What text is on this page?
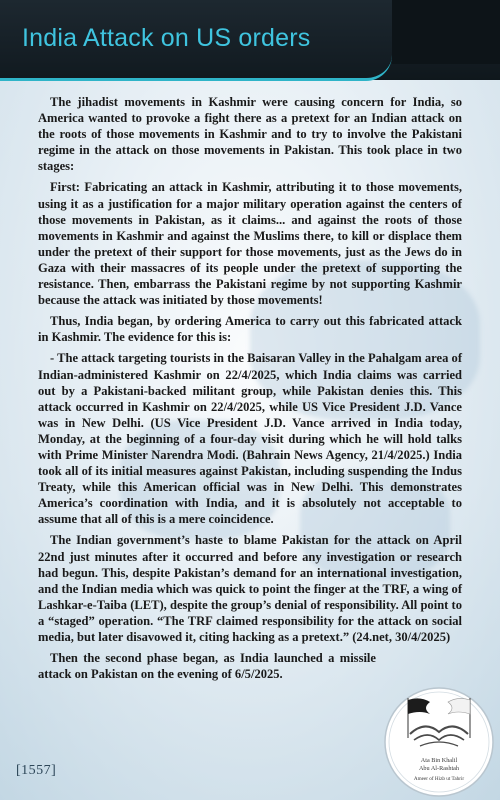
India Attack on US orders

The jihadist movements in Kashmir were causing concern for India, so America wanted to provoke a fight there as a pretext for an Indian attack on the roots of those movements in Kashmir and to try to involve the Pakistani regime in the attack on those movements in Pakistan. This took place in two stages:

First: Fabricating an attack in Kashmir, attributing it to those movements, using it as a justification for a major military operation against the centers of those movements in Pakistan, as it claims... and against the roots of those movements in Kashmir and against the Muslims there, to kill or displace them under the pretext of their support for those movements, just as the Jews do in Gaza with their massacres of its people under the pretext of supporting the resistance. Then, embarrass the Pakistani regime by not supporting Kashmir because the attack was initiated by those movements!

Thus, India began, by ordering America to carry out this fabricated attack in Kashmir. The evidence for this is:

- The attack targeting tourists in the Baisaran Valley in the Pahalgam area of Indian-administered Kashmir on 22/4/2025, which India claims was carried out by a Pakistani-backed militant group, while Pakistan denies this. This attack occurred in Kashmir on 22/4/2025, while US Vice President J.D. Vance was in New Delhi. (US Vice President J.D. Vance arrived in India today, Monday, at the beginning of a four-day visit during which he will hold talks with Prime Minister Narendra Modi. (Bahrain News Agency, 21/4/2025.) India took all of its initial measures against Pakistan, including suspending the Indus Treaty, while this American official was in New Delhi. This demonstrates America’s coordination with India, and it is absolutely not acceptable to assume that all of this is a mere coincidence.

The Indian government’s haste to blame Pakistan for the attack on April 22nd just minutes after it occurred and before any investigation or research had begun. This, despite Pakistan’s demand for an international investigation, and the Indian media which was quick to point the finger at the TRF, a wing of Lashkar-e-Taiba (LET), despite the group’s denial of responsibility. All point to a “staged” operation. “The TRF claimed responsibility for the attack on social media, but later disavowed it, citing hacking as a pretext.” (24.net, 30/4/2025)

Then the second phase began, as India launched a missile attack on Pakistan on the evening of 6/5/2025.

[1557]
Ata Bin Khalil
Abu Al-Rashtah
Ameer of Hizb ut Tahrir
